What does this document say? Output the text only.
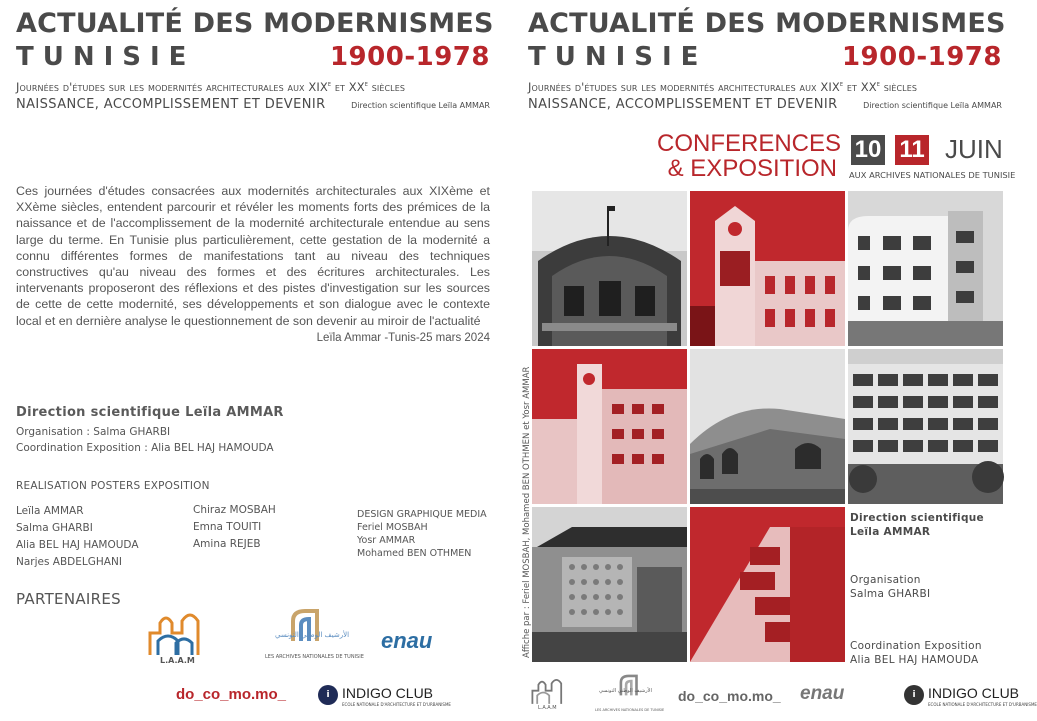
ACTUALITÉ DES MODERNISMES
TUNISIE	1900-1978
Journées d'études sur les modernités architecturales aux XIXe et XXe siècles
NAISSANCE, ACCOMPLISSEMENT ET DEVENIR	Direction scientifique Leïla AMMAR
Ces journées d'études consacrées aux modernités architecturales aux XIXème et XXème siècles, entendent parcourir et révéler les moments forts des prémices de la naissance et de l'accomplissement de la modernité architecturale entendue au sens large du terme. En Tunisie plus particulièrement, cette gestation de la modernité a connu différentes formes de manifestations tant au niveau des techniques constructives qu'au niveau des formes et des écritures architecturales. Les intervenants proposeront des réflexions et des pistes d'investigation sur les sources de cette de cette modernité, ses développements et son dialogue avec le contexte local et en dernière analyse le questionnement de son devenir au miroir de l'actualité
Leïla Ammar -Tunis-25 mars 2024
Direction scientifique Leïla AMMAR
Organisation : Salma GHARBI
Coordination Exposition : Alia BEL HAJ HAMOUDA
REALISATION POSTERS EXPOSITION
Leïla AMMAR
Salma GHARBI
Alia BEL HAJ HAMOUDA
Narjes ABDELGHANI
Chiraz MOSBAH
Emna TOUITI
Amina REJEB
DESIGN GRAPHIQUE MEDIA
Feriel MOSBAH
Yosr AMMAR
Mohamed BEN OTHMEN
PARTENAIRES
L.A.A.M
الأرشيف الوطني التونسي
LES ARCHIVES NATIONALES DE TUNISIE
enau
do_co_mo.mo_	i INDIGO CLUB
ECOLE NATIONALE D'ARCHITECTURE ET D'URBANISME
ACTUALITÉ DES MODERNISMES
TUNISIE	1900-1978
Journées d'études sur les modernités architecturales aux XIXe et XXe siècles
NAISSANCE, ACCOMPLISSEMENT ET DEVENIR	Direction scientifique Leïla AMMAR
CONFERENCES
& EXPOSITION
10 11 JUIN
AUX ARCHIVES NATIONALES DE TUNISIE
Affiche par : Feriel MOSBAH, Mohamed BEN OTHMEN et Yosr AMMAR	Direction scientifique
Leïla AMMAR
Organisation
Salma GHARBI
Coordination Exposition
Alia BEL HAJ HAMOUDA
L.A.A.M
الأرشيف الوطني التونسي
LES ARCHIVES NATIONALES DE TUNISIE
do_co_mo.mo_ enau	i INDIGO CLUB
ECOLE NATIONALE D'ARCHITECTURE ET D'URBANISME
